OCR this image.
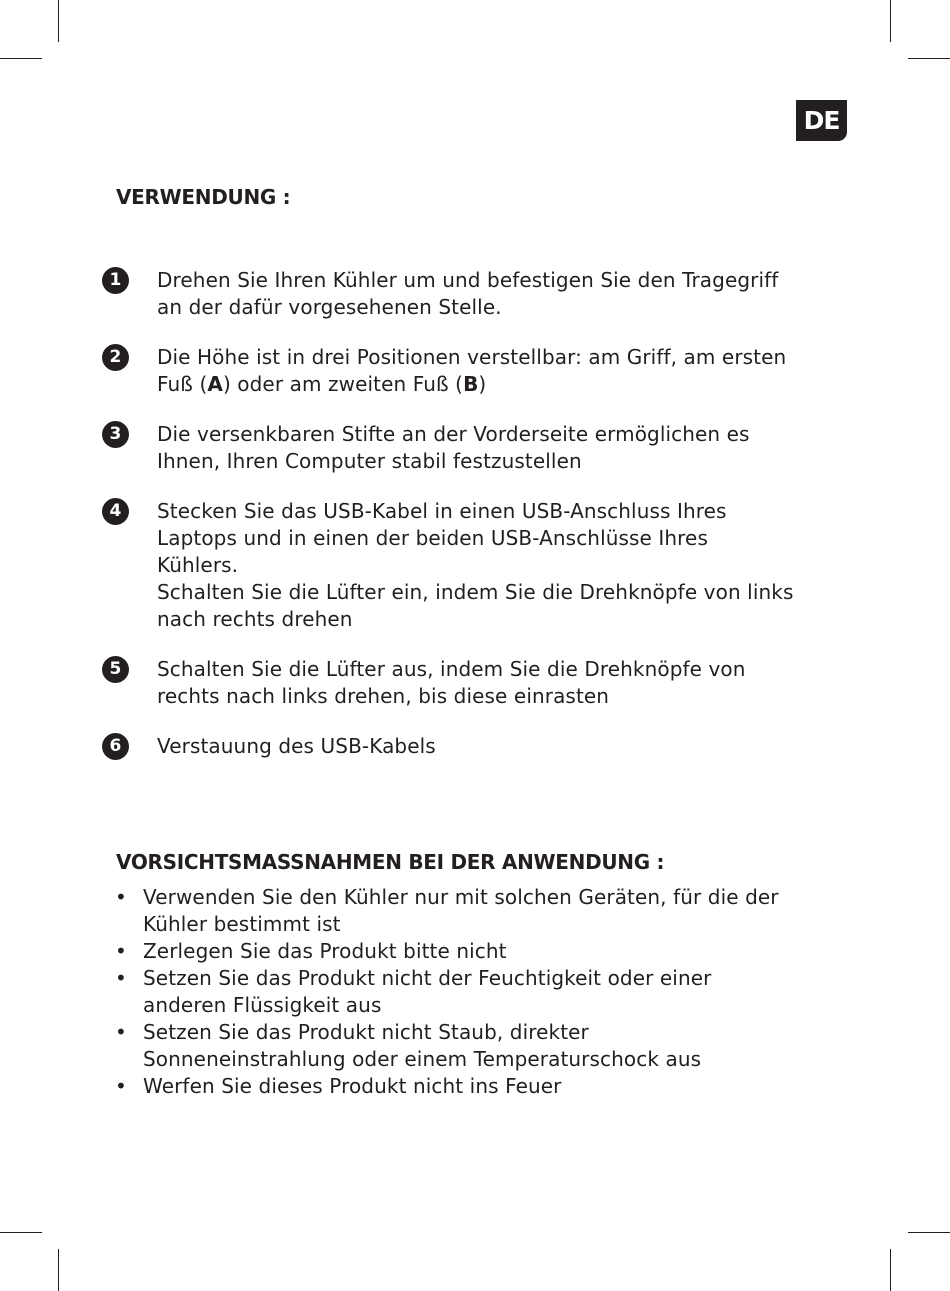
DE
VERWENDUNG :
1	Drehen Sie Ihren Kühler um und befestigen Sie den Tragegriff
an der dafür vorgesehenen Stelle.
2	Die Höhe ist in drei Positionen verstellbar: am Griff, am ersten
Fuß (A) oder am zweiten Fuß (B)
3	Die versenkbaren Stifte an der Vorderseite ermöglichen es
Ihnen, Ihren Computer stabil festzustellen
4	Stecken Sie das USB-Kabel in einen USB-Anschluss Ihres
Laptops und in einen der beiden USB-Anschlüsse Ihres
Kühlers.
Schalten Sie die Lüfter ein, indem Sie die Drehknöpfe von links
nach rechts drehen
5	Schalten Sie die Lüfter aus, indem Sie die Drehknöpfe von
rechts nach links drehen, bis diese einrasten
6	Verstauung des USB-Kabels
VORSICHTSMASSNAHMEN BEI DER ANWENDUNG :
• Verwenden Sie den Kühler nur mit solchen Geräten, für die der
Kühler bestimmt ist
• Zerlegen Sie das Produkt bitte nicht
• Setzen Sie das Produkt nicht der Feuchtigkeit oder einer
anderen Flüssigkeit aus
• Setzen Sie das Produkt nicht Staub, direkter
Sonneneinstrahlung oder einem Temperaturschock aus
• Werfen Sie dieses Produkt nicht ins Feuer
